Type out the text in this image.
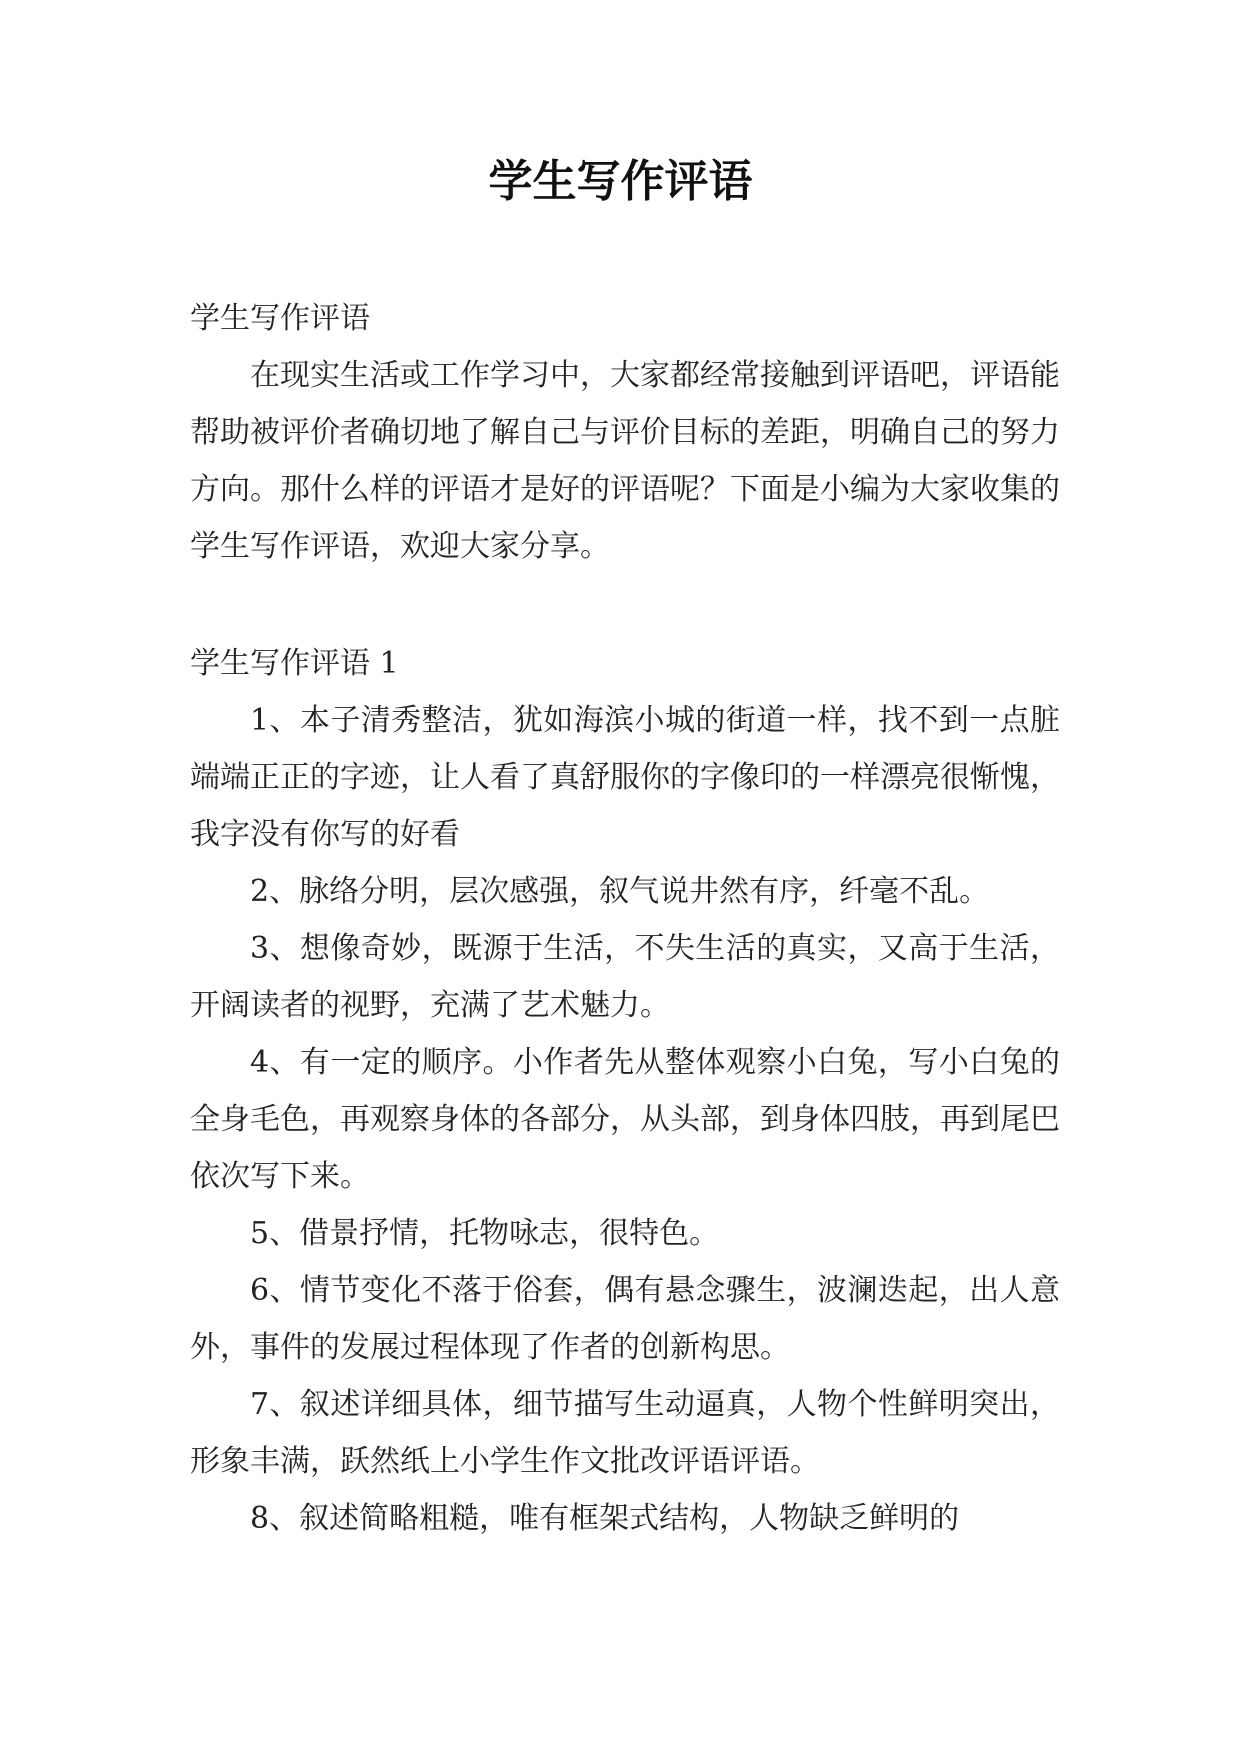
学生写作评语

学生写作评语

在现实生活或工作学习中，大家都经常接触到评语吧，评语能帮助被评价者确切地了解自己与评价目标的差距，明确自己的努力方向。那什么样的评语才是好的评语呢？下面是小编为大家收集的学生写作评语，欢迎大家分享。

学生写作评语 1

1、本子清秀整洁，犹如海滨小城的街道一样，找不到一点脏端端正正的字迹，让人看了真舒服你的字像印的一样漂亮很惭愧，我字没有你写的好看

2、脉络分明，层次感强，叙气说井然有序，纤毫不乱。

3、想像奇妙，既源于生活，不失生活的真实，又高于生活，开阔读者的视野，充满了艺术魅力。

4、有一定的顺序。小作者先从整体观察小白兔，写小白兔的全身毛色，再观察身体的各部分，从头部，到身体四肢，再到尾巴依次写下来。

5、借景抒情，托物咏志，很特色。

6、情节变化不落于俗套，偶有悬念骤生，波澜迭起，出人意外，事件的发展过程体现了作者的创新构思。

7、叙述详细具体，细节描写生动逼真，人物个性鲜明突出，形象丰满，跃然纸上小学生作文批改评语评语。

8、叙述简略粗糙，唯有框架式结构，人物缺乏鲜明的
